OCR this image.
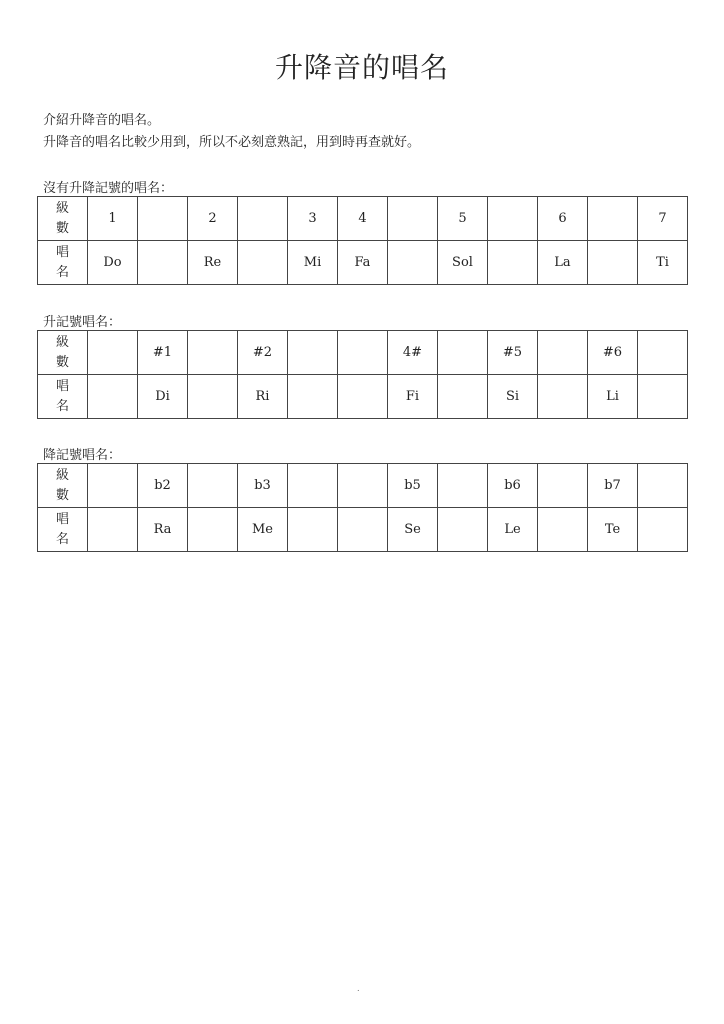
升降音的唱名
介紹升降音的唱名。
升降音的唱名比較少用到，所以不必刻意熟記，用到時再查就好。
沒有升降記號的唱名：
級
數	1		2		3	4		5		6		7
唱
名	Do		Re		Mi	Fa		Sol		La		Ti
升記號唱名：
級
數		#1		#2			4#		#5		#6	
唱
名		Di		Ri			Fi		Si		Li	
降記號唱名：
級
數		b2		b3			b5		b6		b7	
唱
名		Ra		Me			Se		Le		Te	
.
